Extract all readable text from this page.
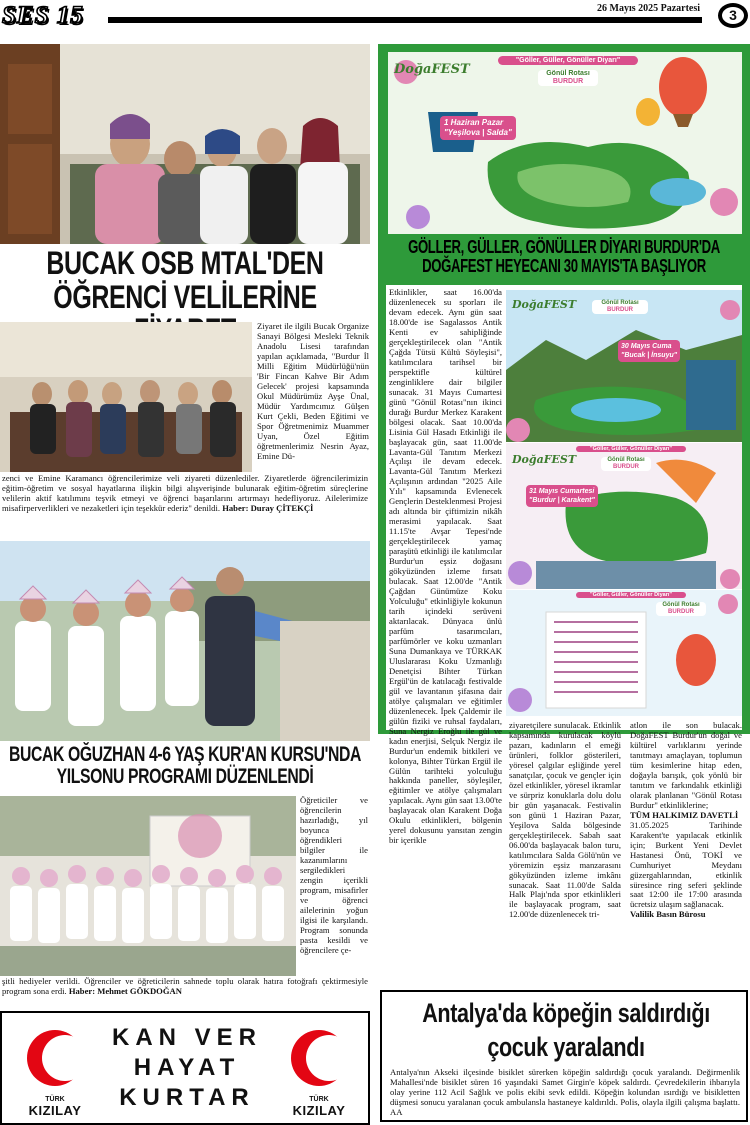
SES 15	26 Mayıs 2025 Pazartesi	3
BUCAK OSB MTAL'DEN
ÖĞRENCİ VELİLERİNE
Ziyaret ile ilgili Bucak Organize Sanayi Bölgesi Mesleki Teknik Anadolu Lisesi tarafından yapılan açıklamada, "Burdur İl Milli Eğitim Müdürlüğü'nün 'Bir Fincan Kahve Bir Adım Gelecek' projesi kapsamında Okul Müdürümüz Ayşe Ünal, Müdür Yardımcımız Gülşen Kurt Çekli, Beden Eğitimi ve Spor Öğretmenimiz Muammer Uyan, Özel Eğitim öğretmenlerimiz Nesrin Ayaz, Emine Dü-
zenci ve Emine Karamancı öğrencilerimize veli ziyareti düzenlediler. Ziyaretlerde öğrencilerimizin eğitim-öğretim ve sosyal hayatlarına ilişkin bilgi alışverişinde bulunarak eğitim-öğretim süreçlerine velilerin aktif katılımını teşvik etmeyi ve öğrenci başarılarını artırmayı hedefliyoruz. Ailelerimize misafirperverlikleri ve nezaketleri için teşekkür ederiz" denildi. Haber: Duray ÇİTEKÇİ
BUCAK OĞUZHAN 4-6 YAŞ KUR'AN KURSU'NDA
YILSONU PROGRAMI DÜZENLENDİ
Öğreticiler ve öğrencilerin hazırladığı, yıl boyunca öğrendikleri bilgiler ile kazanımlarını sergiledikleri zengin içerikli program, misafirler ve öğrenci ailelerinin yoğun ilgisi ile karşılandı. Program sonunda pasta kesildi ve öğrencilere çe-
şitli hediyeler verildi. Öğrenciler ve öğreticilerin sahnede toplu olarak hatıra fotoğrafı çektirmesiyle program sona erdi. Haber: Mehmet GÖKDOĞAN
TÜRK
KIZILAY
KAN VER
HAYAT
KURTAR	TÜRK
KIZILAY
DoğaFEST
"Göller, Güller, Gönüller Diyarı"
Gönül Rotası
BURDUR
1 Haziran Pazar
"Yeşilova | Salda"
GÖLLER, GÜLLER, GÖNÜLLER DİYARI BURDUR'DA
DOĞAFEST HEYECANI 30 MAYIS'TA BAŞLIYOR
Etkinlikler, saat 16.00'da düzenlenecek su sporları ile devam edecek. Aynı gün saat 18.00'de ise Sagalassos Antik Kenti ev sahipliğinde gerçekleştirilecek olan "Antik Çağda Tütsü Kültü Söyleşisi", katılımcılara tarihsel bir perspektifle kültürel zenginliklere dair bilgiler sunacak. 31 Mayıs Cumartesi günü "Gönül Rotası"nın ikinci durağı Burdur Merkez Karakent bölgesi olacak. Saat 10.00'da Lisinia Gül Hasadı Etkinliği ile başlayacak gün, saat 11.00'de Lavanta-Gül Tanıtım Merkezi Açılışı ile devam edecek. Lavanta-Gül Tanıtım Merkezi Açılışının ardından "2025 Aile Yılı" kapsamında Evlenecek Gençlerin Desteklenmesi Projesi adı altında bir çiftimizin nikâh merasimi yapılacak. Saat 11.15'te Avşar Tepesi'nde gerçekleştirilecek yamaç paraşütü etkinliği ile katılımcılar Burdur'un eşsiz doğasını gökyüzünden izleme fırsatı bulacak. Saat 12.00'de "Antik Çağdan Günümüze Koku Yolculuğu" etkinliğiyle kokunun tarih içindeki serüveni aktarılacak. Dünyaca ünlü parfüm tasarımcıları, parfümörler ve koku uzmanları Suna Dumankaya ve TÜRKAK Uluslararası Koku Uzmanlığı Denetçisi Bihter Türkan Ergül'ün de katılacağı festivalde gül ve lavantanın şifasına dair atölye çalışmaları ve eğitimler düzenlenecek. İpek Çaldemir ile gülün fiziki ve ruhsal faydaları, Suna Nergiz Eroğlu ile gül ve kadın enerjisi, Selçuk Nergiz ile Burdur'un endemik bitkileri ve kolonya, Bihter Türkan Ergül ile Gülün tarihteki yolculuğu hakkında paneller, söyleşiler, eğitimler ve atölye çalışmaları yapılacak. Aynı gün saat 13.00'te başlayacak olan Karakent Doğa Okulu etkinlikleri, bölgenin yerel dokusunu yansıtan zengin bir içerikle
DoğaFEST	Gönül Rotası
BURDUR
30 Mayıs Cuma
"Bucak | İnsuyu"
DoğaFEST
"Göller, Güller, Gönüller Diyarı"
Gönül Rotası
BURDUR
31 Mayıs Cumartesi
"Burdur | Karakent"
"Göller, Güller, Gönüller Diyarı"
Gönül Rotası
BURDUR
ziyaretçilere sunulacak. Etkinlik kapsamında kurulacak köylü pazarı, kadınların el emeği ürünleri, folklor gösterileri, yöresel çalgılar eşliğinde yerel sanatçılar, çocuk ve gençler için özel etkinlikler, yöresel ikramlar ve sürpriz konuklarla dolu dolu bir gün yaşanacak. Festivalin son günü 1 Haziran Pazar, Yeşilova Salda bölgesinde gerçekleştirilecek. Sabah saat 06.00'da başlayacak balon turu, katılımcılara Salda Gölü'nün ve yöremizin eşsiz manzarasını gökyüzünden izleme imkânı sunacak. Saat 11.00'de Salda Halk Plajı'nda spor etkinlikleri ile başlayacak program, saat 12.00'de düzenlenecek tri-
atlon ile son bulacak. DoğaFEST Burdur'un doğal ve kültürel varlıklarını yerinde tanıtmayı amaçlayan, toplumun tüm kesimlerine hitap eden, doğayla barışık, çok yönlü bir tanıtım ve farkındalık etkinliği olarak planlanan "Gönül Rotası Burdur" etkinliklerine;
TÜM HALKIMIZ DAVETLİ
31.05.2025 Tarihinde Karakent'te yapılacak etkinlik için; Burkent Yeni Devlet Hastanesi Önü, TOKİ ve Cumhuriyet Meydanı güzergahlarından, etkinlik süresince ring seferi şeklinde saat 12:00 ile 17:00 arasında ücretsiz ulaşım sağlanacak.
Valilik Basın Bürosu
Antalya'da köpeğin saldırdığı
çocuk yaralandı
Antalya'nın Akseki ilçesinde bisiklet sürerken köpeğin saldırdığı çocuk yaralandı. Değirmenlik Mahallesi'nde bisiklet süren 16 yaşındaki Samet Girgin'e köpek saldırdı. Çevredekilerin ihbarıyla olay yerine 112 Acil Sağlık ve polis ekibi sevk edildi. Köpeğin kolundan ısırdığı ve bisikletten düşmesi sonucu yaralanan çocuk ambulansla hastaneye kaldırıldı. Polis, olayla ilgili çalışma başlattı. AA
